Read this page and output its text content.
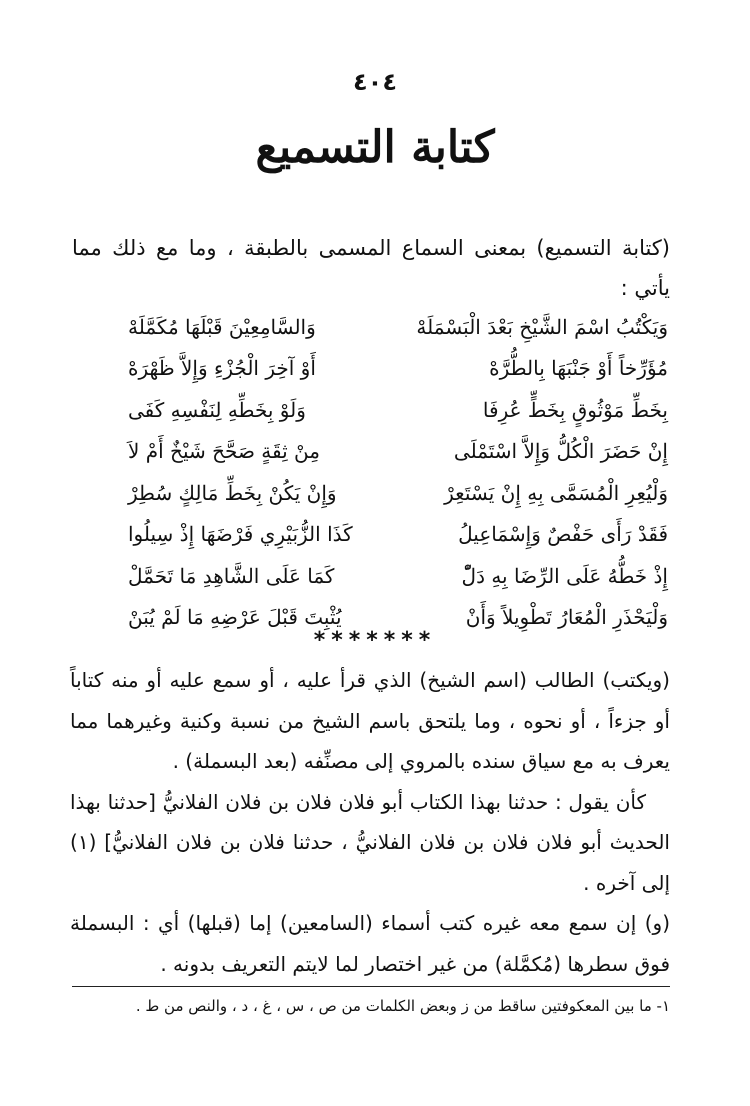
٤٠٤
كتابة التسميع
(كتابة التسميع) بمعنى السماع المسمى بالطبقة ، وما مع ذلك مما يأتي :
وَيَكْتُبُ اسْمَ الشَّيْخِ بَعْدَ الْبَسْمَلَهْ
وَالسَّامِعِيْنَ قَبْلَهَا مُكَمَّلَهْ
مُؤَرِّخاً أَوْ جَنْبَهَا بِالطُّرَّهْ
أَوْ آخِرَ الْجُزْءِ وَإِلاَّ ظَهْرَهْ
بِخَطِّ مَوْثُوقٍ بِخَطٍّ عُرِفَا
وَلَوْ بِخَطِّهِ لِنَفْسِهِ كَفَى
إِنْ حَضَرَ الْكُلُّ وَإِلاَّ اسْتَمْلَى
مِنْ ثِقَةٍ صَحَّحَ شَيْخٌ أَمْ لاَ
وَلْيُعِرِ الْمُسَمَّى بِهِ إِنْ يَسْتَعِرْ
وَإِنْ يَكُنْ بِخَطِّ مَالِكٍ سُطِرْ
فَقَدْ رَأَى حَفْصٌ وَإِسْمَاعِيلُ
كَذَا الزُّبَيْرِي فَرْضَهَا إِذْ سِيلُوا
إِذْ خَطُّهُ عَلَى الرِّضَا بِهِ دَلّْ
كَمَا عَلَى الشَّاهِدِ مَا تَحَمَّلْ
وَلْيَحْذَرِ الْمُعَارُ تَطْوِيلاً وَأَنْ
يُثْبِتَ قَبْلَ عَرْضِهِ مَا لَمْ يُبَنْ
*******

(ويكتب) الطالب (اسم الشيخ) الذي قرأ عليه ، أو سمع عليه أو منه كتاباً أو جزءاً ، أو نحوه ، وما يلتحق باسم الشيخ من نسبة وكنية وغيرهما مما يعرف به مع سياق سنده بالمروي إلى مصنِّفه (بعد البسملة) .

كأن يقول : حدثنا بهذا الكتاب أبو فلان فلان بن فلان الفلانيُّ [حدثنا بهذا الحديث أبو فلان فلان بن فلان الفلانيُّ ، حدثنا فلان بن فلان الفلانيُّ] (١) إلى آخره .

(و) إن سمع معه غيره كتب أسماء (السامعين) إما (قبلها) أي : البسملة فوق سطرها (مُكمَّلة) من غير اختصار لما لايتم التعريف بدونه .

١- ما بين المعكوفتين ساقط من ز وبعض الكلمات من ص ، س ، غ ، د ، والنص من ط .
